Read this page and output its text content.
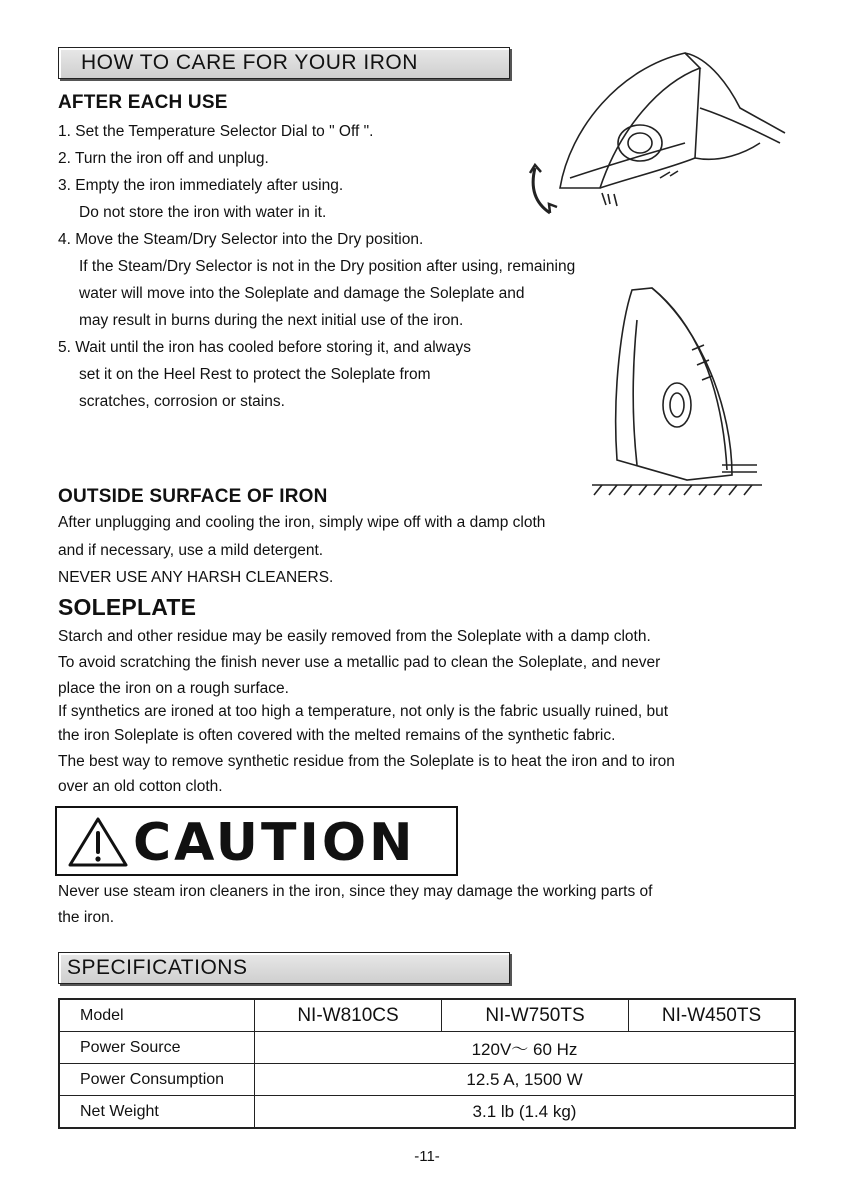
HOW TO CARE FOR YOUR IRON
AFTER EACH USE
1. Set the Temperature Selector Dial to " Off ".
2. Turn the iron off and unplug.
3. Empty the iron immediately after using.
Do not store the iron with water in it.
4. Move the Steam/Dry Selector into the Dry position.
If the Steam/Dry Selector is not in the Dry position after using, remaining
water will move into the Soleplate and damage the Soleplate and
may result in burns during the next initial use of the iron.
5. Wait until the iron has cooled before storing it, and always
set it on the Heel Rest to protect the Soleplate from
scratches, corrosion or stains.
OUTSIDE SURFACE OF IRON
After unplugging and cooling the iron, simply wipe off with a damp cloth
and if necessary, use a mild detergent.
NEVER USE ANY HARSH CLEANERS.
SOLEPLATE
Starch and other residue may be easily removed from the Soleplate with a damp cloth.
To avoid scratching the finish never use a metallic pad to clean the Soleplate, and never
place the iron on a rough surface.
If synthetics are ironed at too high a temperature, not only is the fabric usually ruined, but
the iron Soleplate is often covered with the melted remains of the synthetic fabric.
The best way to remove synthetic residue from the Soleplate is to heat the iron and to iron
over an old cotton cloth.
CAUTION
Never use steam iron cleaners in the iron, since they may damage the working parts of
the iron.
SPECIFICATIONS
Model	NI-W810CS	NI-W750TS	NI-W450TS
Power Source	120V～ 60 Hz		
Power Consumption	12.5 A, 1500 W		
Net Weight	3.1 lb (1.4 kg)		
-11-
